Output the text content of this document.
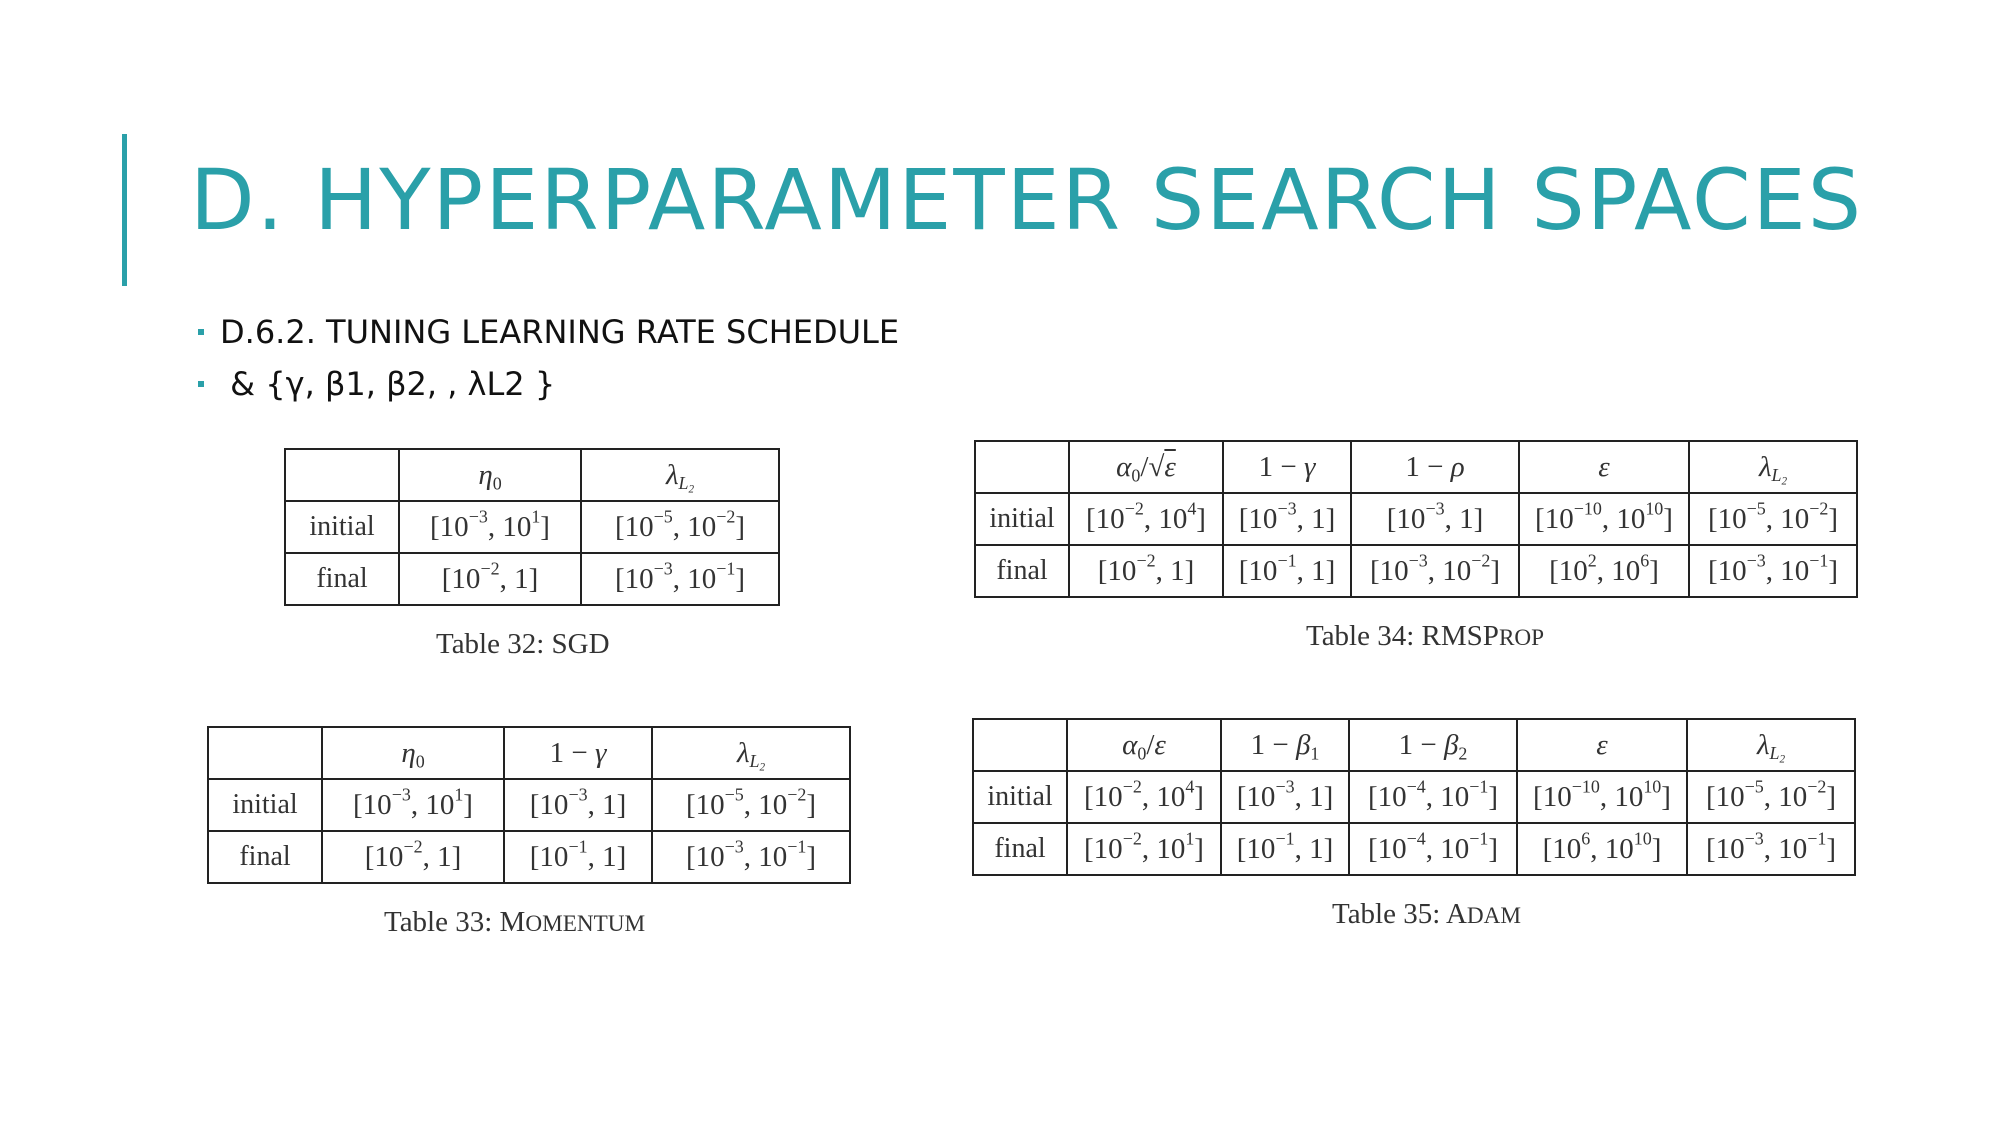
D. HYPERPARAMETER SEARCH SPACES
D.6.2. TUNING LEARNING RATE SCHEDULE
& {γ, β1, β2, , λL2 }
	$\eta_0$	$\lambda_{L_2}$
initial	[$10^{-3}$, $10^1$]	[$10^{-5}$, $10^{-2}$]
final	[$10^{-2}$, 1]	[$10^{-3}$, $10^{-1}$]
Table 32: SGD
	$\eta_0$	1 − γ	$\lambda_{L_2}$
initial	[$10^{-3}$, $10^1$]	[$10^{-3}$, 1]	[$10^{-5}$, $10^{-2}$]
final	[$10^{-2}$, 1]	[$10^{-1}$, 1]	[$10^{-3}$, $10^{-1}$]
Table 33: MOMENTUM
	$\alpha_0/√\varepsilon$	1 − γ	1 − ρ	ε	$\lambda_{L_2}$
initial	[$10^{-2}$, $10^4$]	[$10^{-3}$, 1]	[$10^{-3}$, 1]	[$10^{-10}$, $10^{10}$]	[$10^{-5}$, $10^{-2}$]
final	[$10^{-2}$, 1]	[$10^{-1}$, 1]	[$10^{-3}$, $10^{-2}$]	[$10^2$, $10^6$]	[$10^{-3}$, $10^{-1}$]
Table 34: RMSPROP
	$\alpha_0/\varepsilon$	$1 - \beta_1$	$1 - \beta_2$	ε	$\lambda_{L_2}$
initial	[$10^{-2}$, $10^4$]	[$10^{-3}$, 1]	[$10^{-4}$, $10^{-1}$]	[$10^{-10}$, $10^{10}$]	[$10^{-5}$, $10^{-2}$]
final	[$10^{-2}$, $10^1$]	[$10^{-1}$, 1]	[$10^{-4}$, $10^{-1}$]	[$10^6$, $10^{10}$]	[$10^{-3}$, $10^{-1}$]
Table 35: ADAM
